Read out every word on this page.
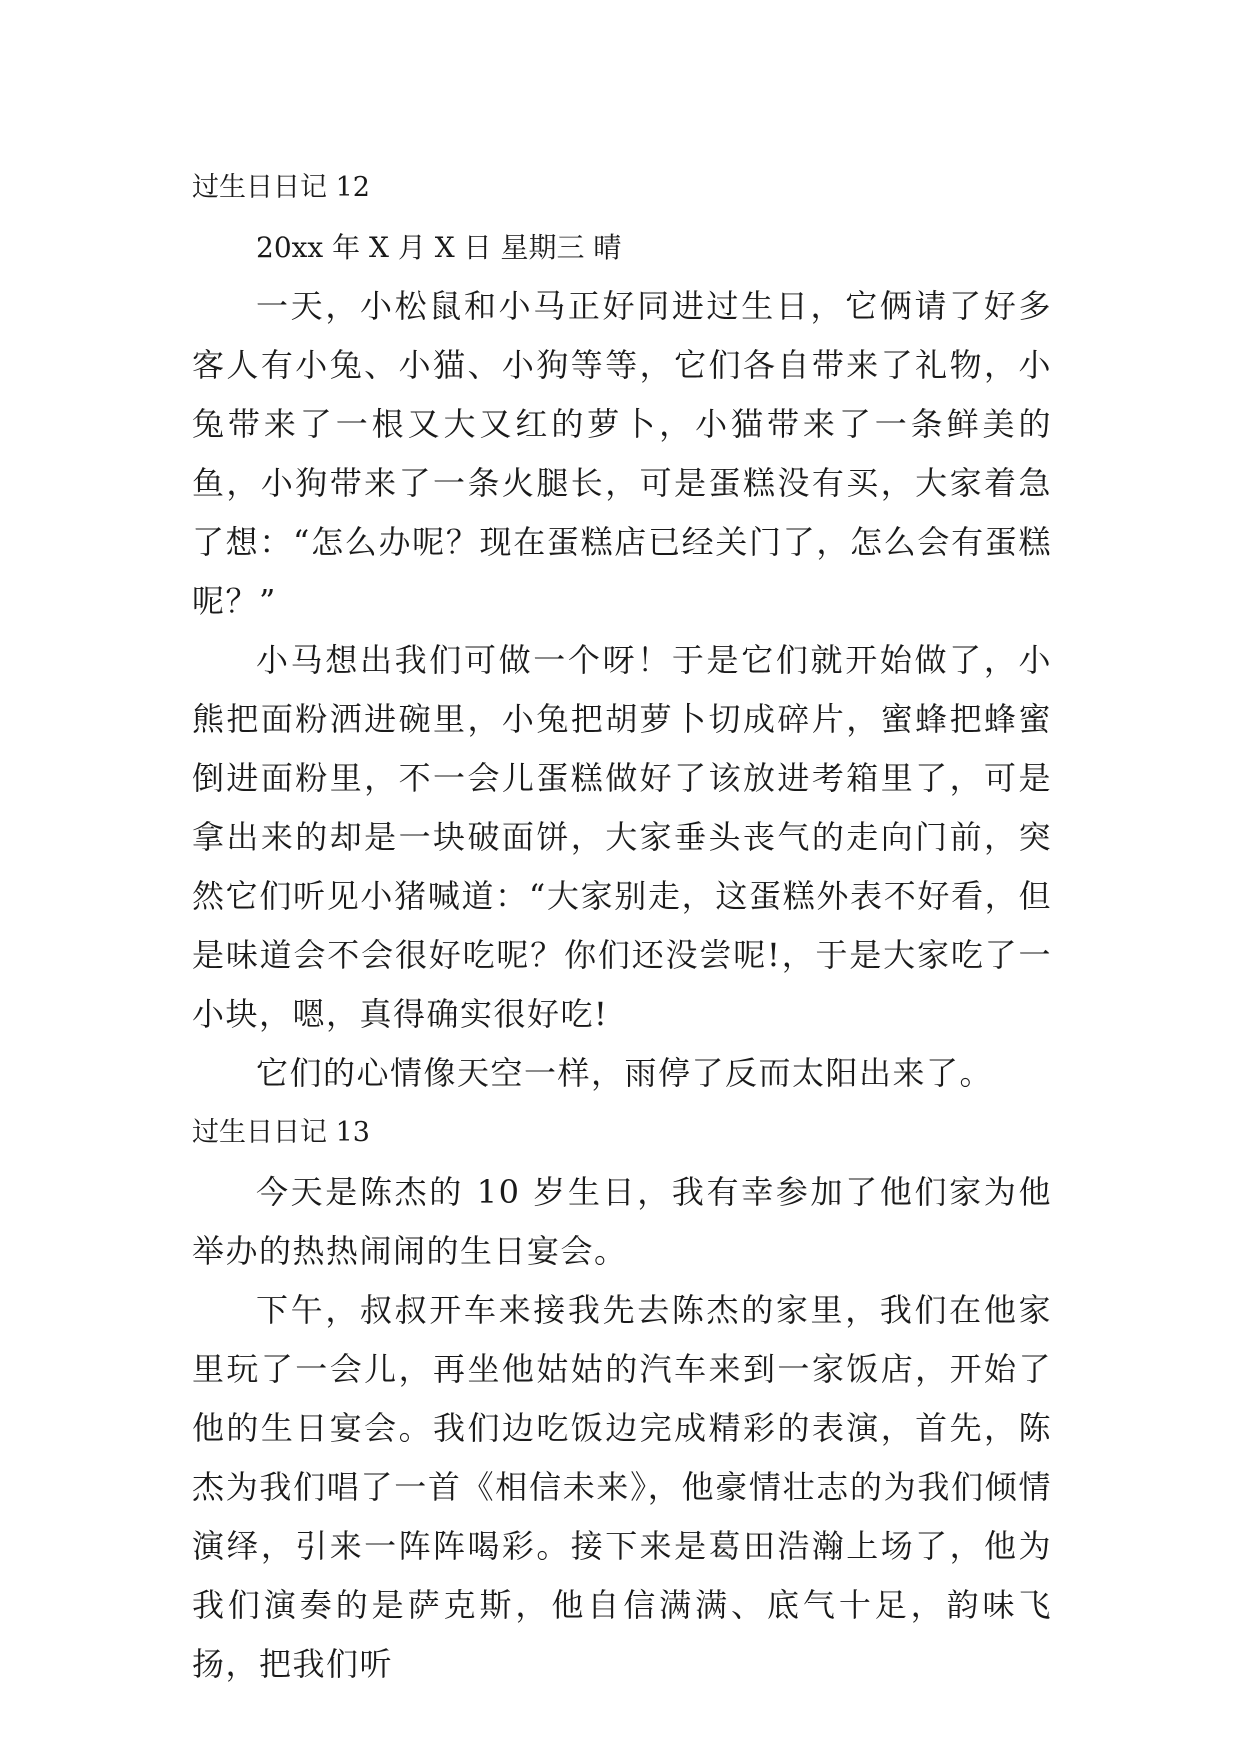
过生日日记 12

20xx 年 X 月 X 日 星期三 晴

一天，小松鼠和小马正好同进过生日，它俩请了好多客人有小兔、小猫、小狗等等，它们各自带来了礼物，小兔带来了一根又大又红的萝卜，小猫带来了一条鲜美的鱼，小狗带来了一条火腿长，可是蛋糕没有买，大家着急了想：“怎么办呢？现在蛋糕店已经关门了，怎么会有蛋糕呢？”

小马想出我们可做一个呀！于是它们就开始做了，小熊把面粉洒进碗里，小兔把胡萝卜切成碎片，蜜蜂把蜂蜜倒进面粉里，不一会儿蛋糕做好了该放进考箱里了，可是拿出来的却是一块破面饼，大家垂头丧气的走向门前，突然它们听见小猪喊道：“大家别走，这蛋糕外表不好看，但是味道会不会很好吃呢？你们还没尝呢!，于是大家吃了一小块，嗯，真得确实很好吃!

它们的心情像天空一样，雨停了反而太阳出来了。

过生日日记 13

今天是陈杰的 10 岁生日，我有幸参加了他们家为他举办的热热闹闹的生日宴会。

下午，叔叔开车来接我先去陈杰的家里，我们在他家里玩了一会儿，再坐他姑姑的汽车来到一家饭店，开始了他的生日宴会。我们边吃饭边完成精彩的表演，首先，陈杰为我们唱了一首《相信未来》，他豪情壮志的为我们倾情演绎，引来一阵阵喝彩。接下来是葛田浩瀚上场了，他为我们演奏的是萨克斯，他自信满满、底气十足，韵味飞扬，把我们听
